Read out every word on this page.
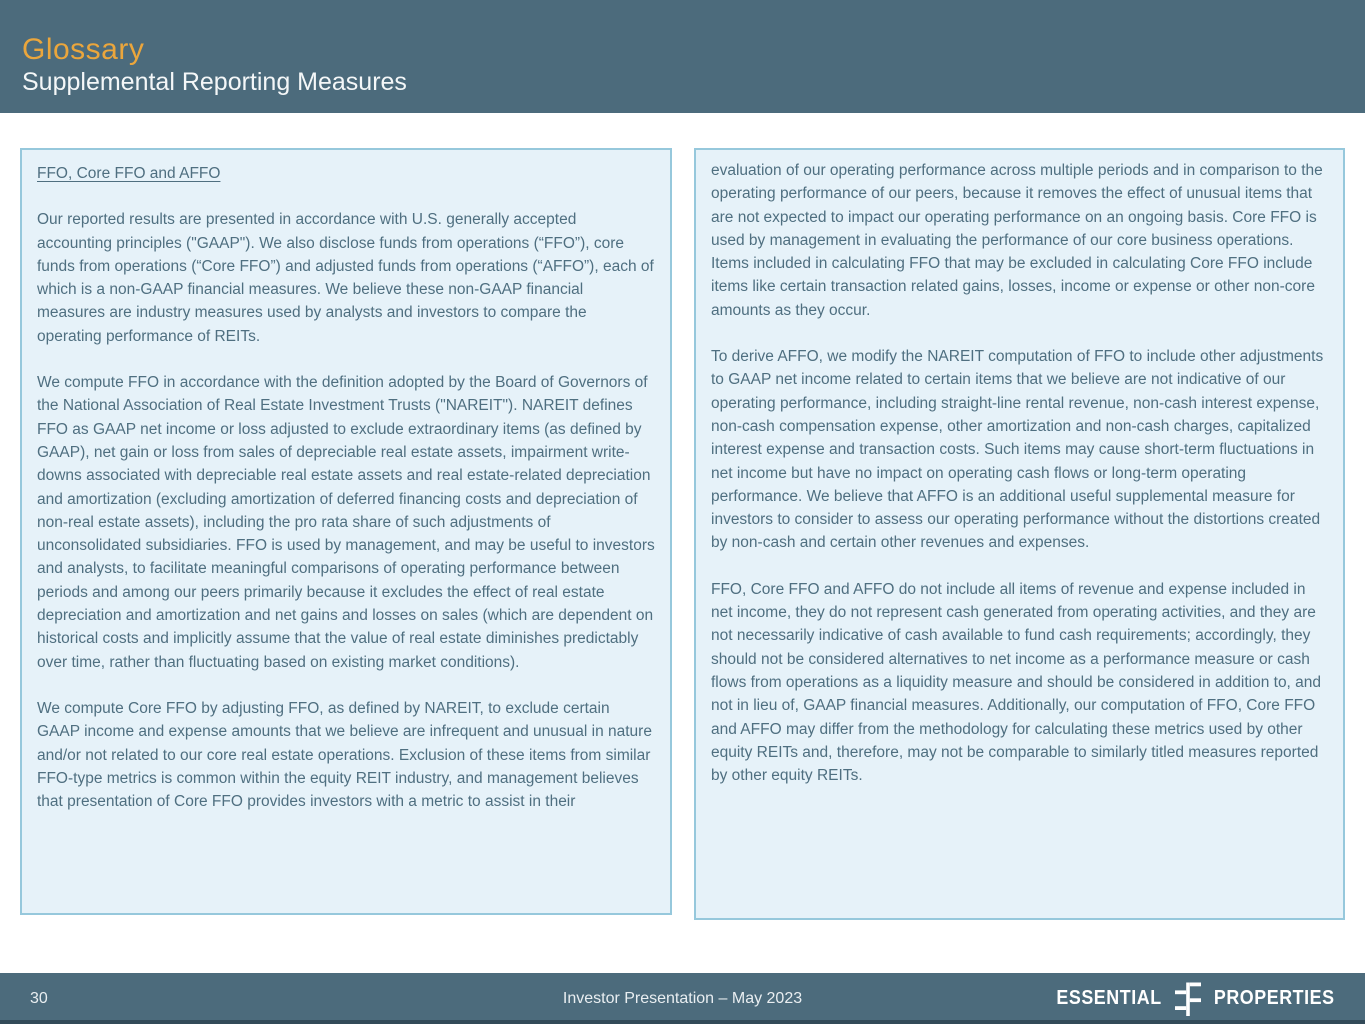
Glossary
Supplemental Reporting Measures
FFO, Core FFO and AFFO

Our reported results are presented in accordance with U.S. generally accepted accounting principles ("GAAP"). We also disclose funds from operations (“FFO”), core funds from operations (“Core FFO”) and adjusted funds from operations (“AFFO”), each of which is a non-GAAP financial measures. We believe these non-GAAP financial measures are industry measures used by analysts and investors to compare the operating performance of REITs.

We compute FFO in accordance with the definition adopted by the Board of Governors of the National Association of Real Estate Investment Trusts ("NAREIT"). NAREIT defines FFO as GAAP net income or loss adjusted to exclude extraordinary items (as defined by GAAP), net gain or loss from sales of depreciable real estate assets, impairment write-downs associated with depreciable real estate assets and real estate-related depreciation and amortization (excluding amortization of deferred financing costs and depreciation of non-real estate assets), including the pro rata share of such adjustments of unconsolidated subsidiaries. FFO is used by management, and may be useful to investors and analysts, to facilitate meaningful comparisons of operating performance between periods and among our peers primarily because it excludes the effect of real estate depreciation and amortization and net gains and losses on sales (which are dependent on historical costs and implicitly assume that the value of real estate diminishes predictably over time, rather than fluctuating based on existing market conditions).

We compute Core FFO by adjusting FFO, as defined by NAREIT, to exclude certain GAAP income and expense amounts that we believe are infrequent and unusual in nature and/or not related to our core real estate operations. Exclusion of these items from similar FFO-type metrics is common within the equity REIT industry, and management believes that presentation of Core FFO provides investors with a metric to assist in their

evaluation of our operating performance across multiple periods and in comparison to the operating performance of our peers, because it removes the effect of unusual items that are not expected to impact our operating performance on an ongoing basis. Core FFO is used by management in evaluating the performance of our core business operations. Items included in calculating FFO that may be excluded in calculating Core FFO include items like certain transaction related gains, losses, income or expense or other non-core amounts as they occur.

To derive AFFO, we modify the NAREIT computation of FFO to include other adjustments to GAAP net income related to certain items that we believe are not indicative of our operating performance, including straight-line rental revenue, non-cash interest expense, non-cash compensation expense, other amortization and non-cash charges, capitalized interest expense and transaction costs. Such items may cause short-term fluctuations in net income but have no impact on operating cash flows or long-term operating performance. We believe that AFFO is an additional useful supplemental measure for investors to consider to assess our operating performance without the distortions created by non-cash and certain other revenues and expenses.

FFO, Core FFO and AFFO do not include all items of revenue and expense included in net income, they do not represent cash generated from operating activities, and they are not necessarily indicative of cash available to fund cash requirements; accordingly, they should not be considered alternatives to net income as a performance measure or cash flows from operations as a liquidity measure and should be considered in addition to, and not in lieu of, GAAP financial measures. Additionally, our computation of FFO, Core FFO and AFFO may differ from the methodology for calculating these metrics used by other equity REITs and, therefore, may not be comparable to similarly titled measures reported by other equity REITs.

30	Investor Presentation – May 2023	ESSENTIAL	PROPERTIES
